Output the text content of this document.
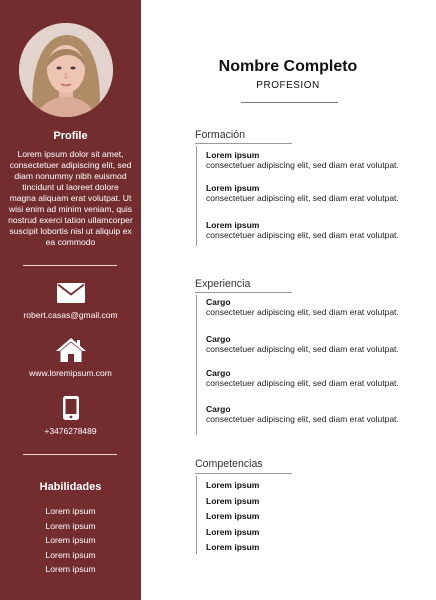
Profile
Lorem ipsum dolor sit amet, consectetuer adipiscing elit, sed diam nonummy nibh euismod tincidunt ut laoreet dolore magna aliquam erat volutpat. Ut wisi enim ad minim veniam, quis nostrud exerci tation ullamcorper suscipit lobortis nisl ut aliquip ex ea commodo
robert.casas@gmail.com
www.loremipsum.com
+3476278489
Habilidades
Lorem ipsum
Lorem ipsum
Lorem ipsum
Lorem ipsum
Lorem ipsum
Nombre Completo
PROFESION
Formación
Lorem ipsum
consectetuer adipiscing elit, sed diam erat volutpat.
Lorem ipsum
consectetuer adipiscing elit, sed diam erat volutpat.
Lorem ipsum
consectetuer adipiscing elit, sed diam erat volutpat.
Experiencia
Cargo
consectetuer adipiscing elit, sed diam erat volutpat.
Cargo
consectetuer adipiscing elit, sed diam erat volutpat.
Cargo
consectetuer adipiscing elit, sed diam erat volutpat.
Cargo
consectetuer adipiscing elit, sed diam erat volutpat.
Competencias
Lorem ipsum
Lorem ipsum
Lorem ipsum
Lorem ipsum
Lorem ipsum
